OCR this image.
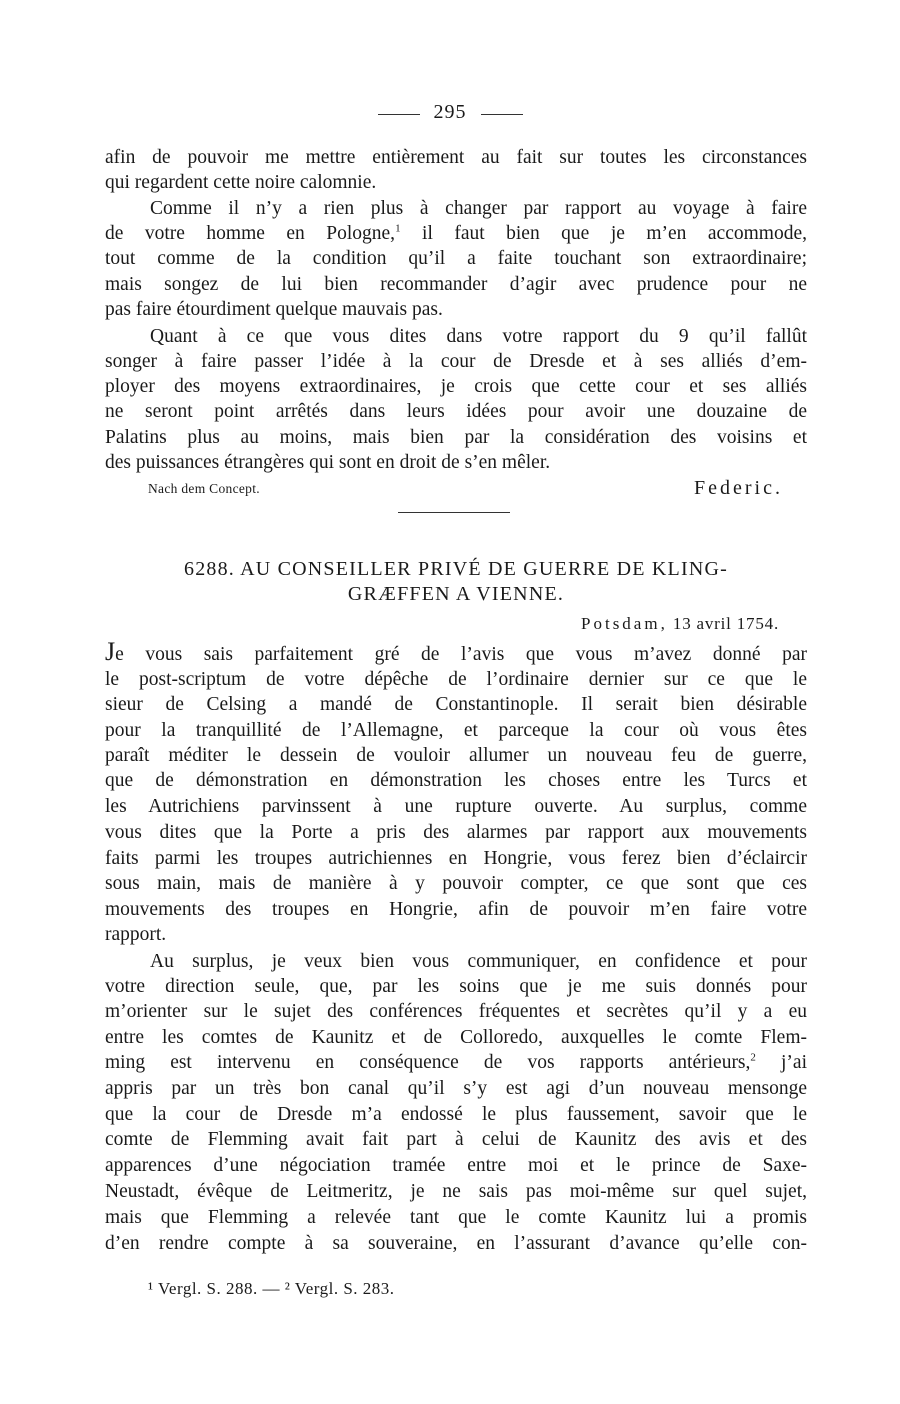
295
afin de pouvoir me mettre entièrement au fait sur toutes les circonstances
qui regardent cette noire calomnie.
Comme il n’y a rien plus à changer par rapport au voyage à faire
de votre homme en Pologne,$^1$ il faut bien que je m’en accommode,
tout comme de la condition qu’il a faite touchant son extraordinaire;
mais songez de lui bien recommander d’agir avec prudence pour ne
pas faire étourdiment quelque mauvais pas.
Quant à ce que vous dites dans votre rapport du 9 qu’il fallût
songer à faire passer l’idée à la cour de Dresde et à ses alliés d’em-
ployer des moyens extraordinaires, je crois que cette cour et ses alliés
ne seront point arrêtés dans leurs idées pour avoir une douzaine de
Palatins plus au moins, mais bien par la considération des voisins et
des puissances étrangères qui sont en droit de s’en mêler.
Nach dem Concept.	Federic.
6288. AU CONSEILLER PRIVÉ DE GUERRE DE KLING-
GRÆFFEN A VIENNE.
Potsdam, 13 avril 1754.
Je vous sais parfaitement gré de l’avis que vous m’avez donné par
le post-scriptum de votre dépêche de l’ordinaire dernier sur ce que le
sieur de Celsing a mandé de Constantinople. Il serait bien désirable
pour la tranquillité de l’Allemagne, et parceque la cour où vous êtes
paraît méditer le dessein de vouloir allumer un nouveau feu de guerre,
que de démonstration en démonstration les choses entre les Turcs et
les Autrichiens parvinssent à une rupture ouverte. Au surplus, comme
vous dites que la Porte a pris des alarmes par rapport aux mouvements
faits parmi les troupes autrichiennes en Hongrie, vous ferez bien d’éclaircir
sous main, mais de manière à y pouvoir compter, ce que sont que ces
mouvements des troupes en Hongrie, afin de pouvoir m’en faire votre
rapport.
Au surplus, je veux bien vous communiquer, en confidence et pour
votre direction seule, que, par les soins que je me suis donnés pour
m’orienter sur le sujet des conférences fréquentes et secrètes qu’il y a eu
entre les comtes de Kaunitz et de Colloredo, auxquelles le comte Flem-
ming est intervenu en conséquence de vos rapports antérieurs,$^2$ j’ai
appris par un très bon canal qu’il s’y est agi d’un nouveau mensonge
que la cour de Dresde m’a endossé le plus faussement, savoir que le
comte de Flemming avait fait part à celui de Kaunitz des avis et des
apparences d’une négociation tramée entre moi et le prince de Saxe-
Neustadt, évêque de Leitmeritz, je ne sais pas moi-même sur quel sujet,
mais que Flemming a relevée tant que le comte Kaunitz lui a promis
d’en rendre compte à sa souveraine, en l’assurant d’avance qu’elle con-
¹ Vergl. S. 288. — ² Vergl. S. 283.
